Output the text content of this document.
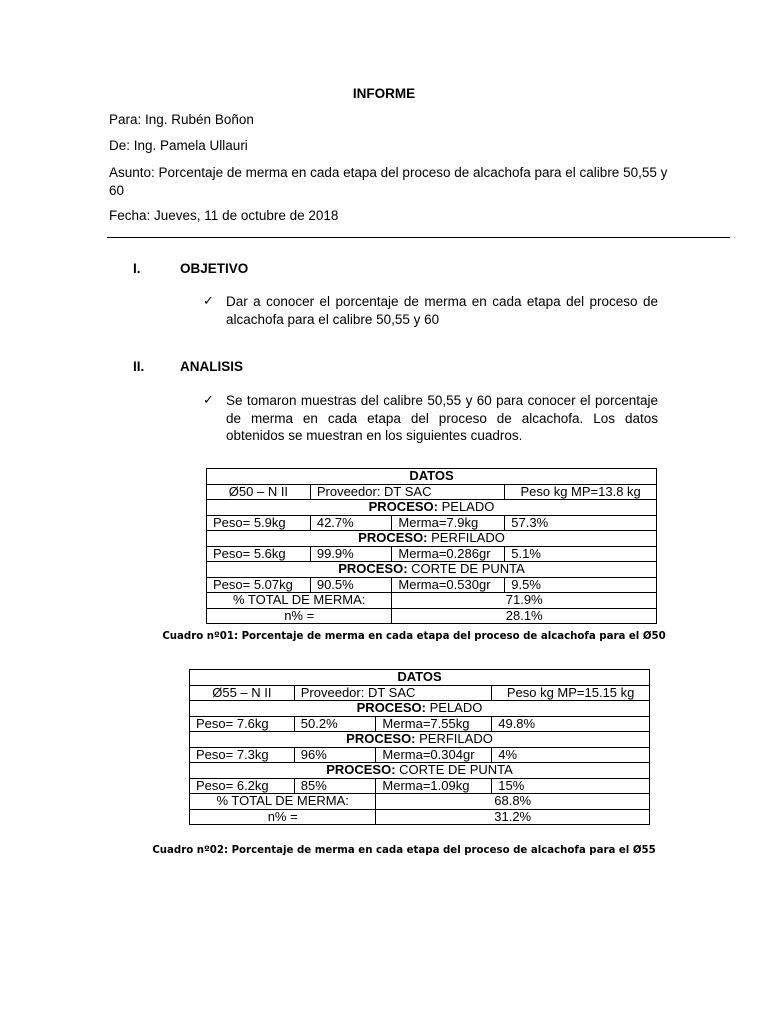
INFORME
Para: Ing. Rubén Boñon
De: Ing. Pamela Ullauri
Asunto: Porcentaje de merma en cada etapa del proceso de alcachofa para el calibre 50,55 y 60
Fecha: Jueves, 11 de octubre de 2018
I.	OBJETIVO
✓ Dar a conocer el porcentaje de merma en cada etapa del proceso de alcachofa para el calibre 50,55 y 60
II.	ANALISIS
✓ Se tomaron muestras del calibre 50,55 y 60 para conocer el porcentaje de merma en cada etapa del proceso de alcachofa. Los datos obtenidos se muestran en los siguientes cuadros.
DATOS			
Ø50 – N II	Proveedor: DT SAC		Peso kg MP=13.8 kg
PROCESO: PELADO			
Peso= 5.9kg	42.7%	Merma=7.9kg	57.3%
PROCESO: PERFILADO			
Peso= 5.6kg	99.9%	Merma=0.286gr	5.1%
PROCESO: CORTE DE PUNTA			
Peso= 5.07kg	90.5%	Merma=0.530gr	9.5%
% TOTAL DE MERMA:		71.9%	
n% =		28.1%	
Cuadro nº01: Porcentaje de merma en cada etapa del proceso de alcachofa para el Ø50
DATOS			
Ø55 – N II	Proveedor: DT SAC		Peso kg MP=15.15 kg
PROCESO: PELADO			
Peso= 7.6kg	50.2%	Merma=7.55kg	49.8%
PROCESO: PERFILADO			
Peso= 7.3kg	96%	Merma=0.304gr	4%
PROCESO: CORTE DE PUNTA			
Peso= 6.2kg	85%	Merma=1.09kg	15%
% TOTAL DE MERMA:		68.8%	
n% =		31.2%	
Cuadro nº02: Porcentaje de merma en cada etapa del proceso de alcachofa para el Ø55
